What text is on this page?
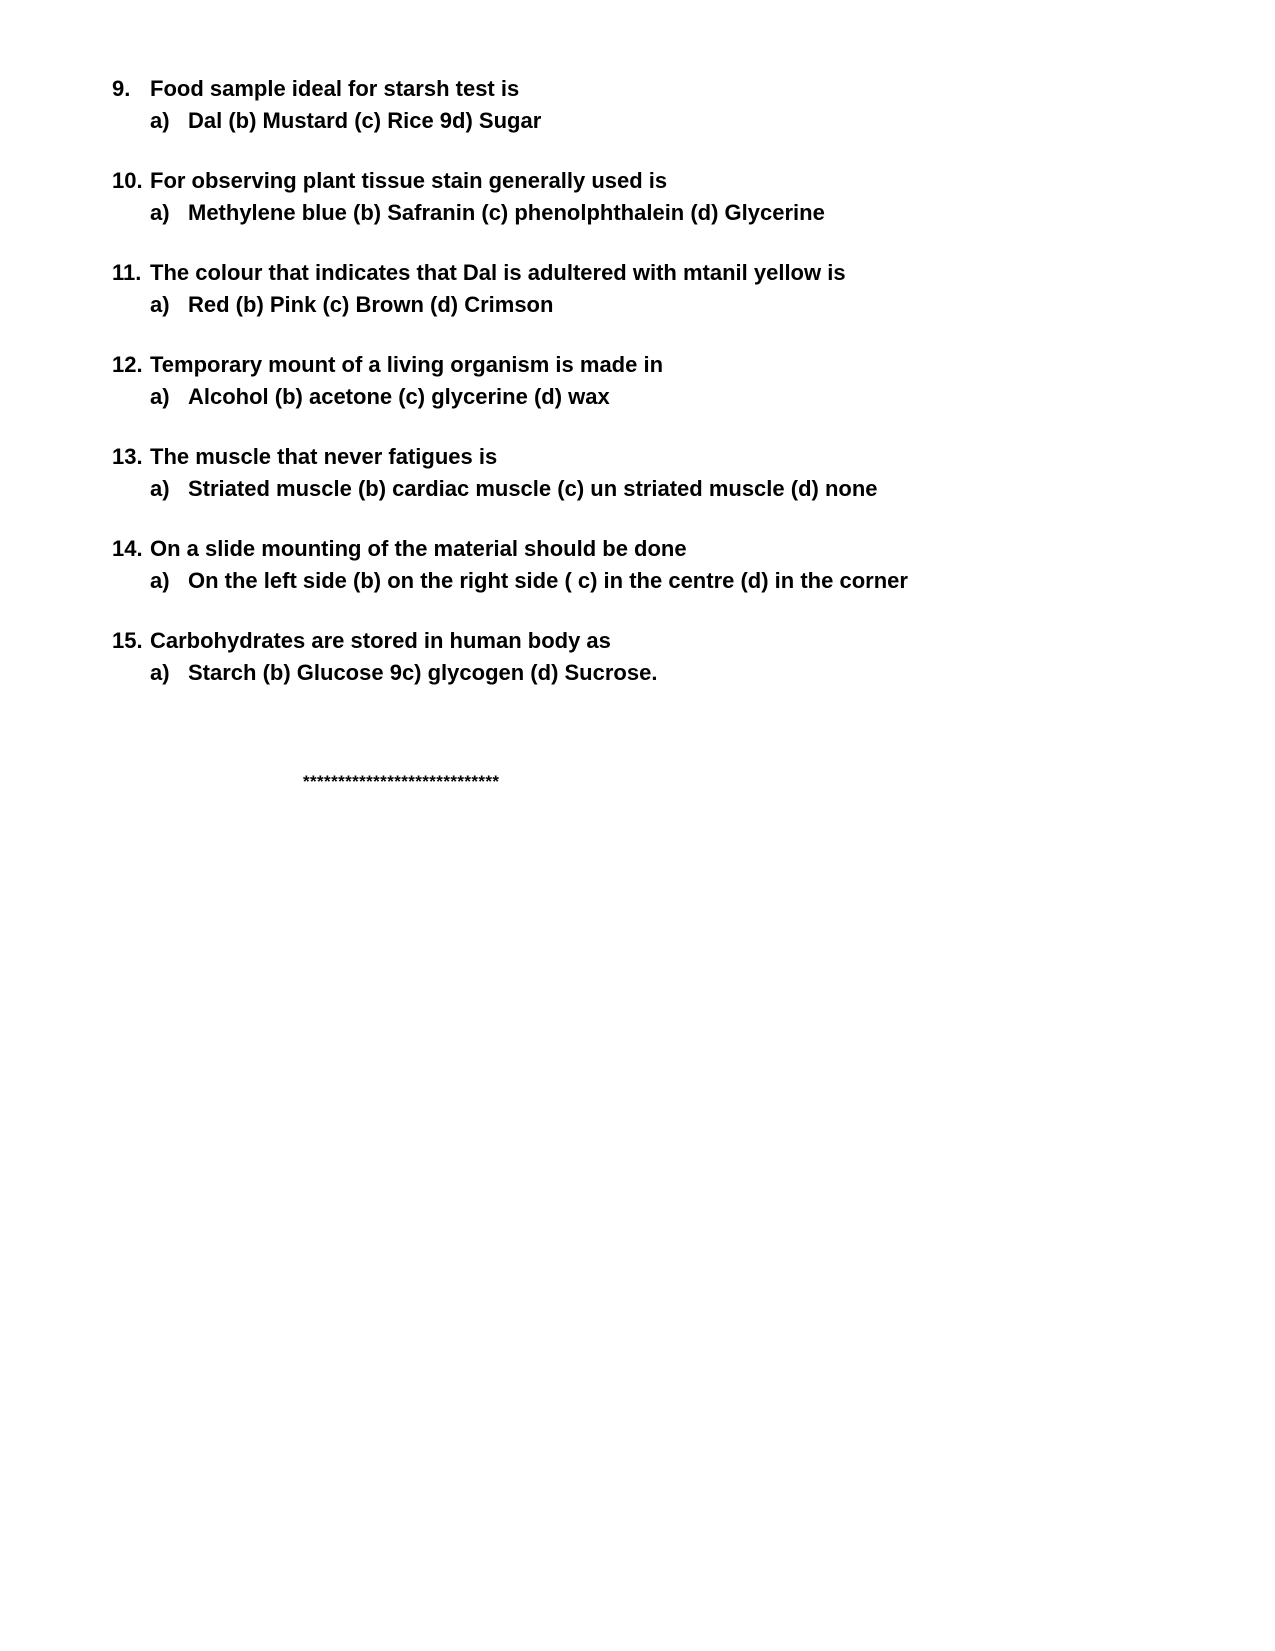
9. Food sample ideal for starsh test is
a) Dal (b) Mustard (c) Rice 9d) Sugar
10. For observing plant tissue stain generally used is
a) Methylene blue (b) Safranin (c) phenolphthalein (d) Glycerine
11. The colour that indicates that Dal is adultered with mtanil yellow is
a) Red (b) Pink (c) Brown (d) Crimson
12. Temporary mount of a living organism is made in
a) Alcohol (b) acetone (c) glycerine (d) wax
13. The muscle that never fatigues is
a) Striated muscle (b) cardiac muscle (c) un striated muscle (d) none
14. On a slide mounting of the material should be done
a) On the left side (b) on the right side ( c) in the centre (d) in the corner
15. Carbohydrates are stored in human body as
a) Starch (b) Glucose 9c) glycogen (d) Sucrose.
****************************
